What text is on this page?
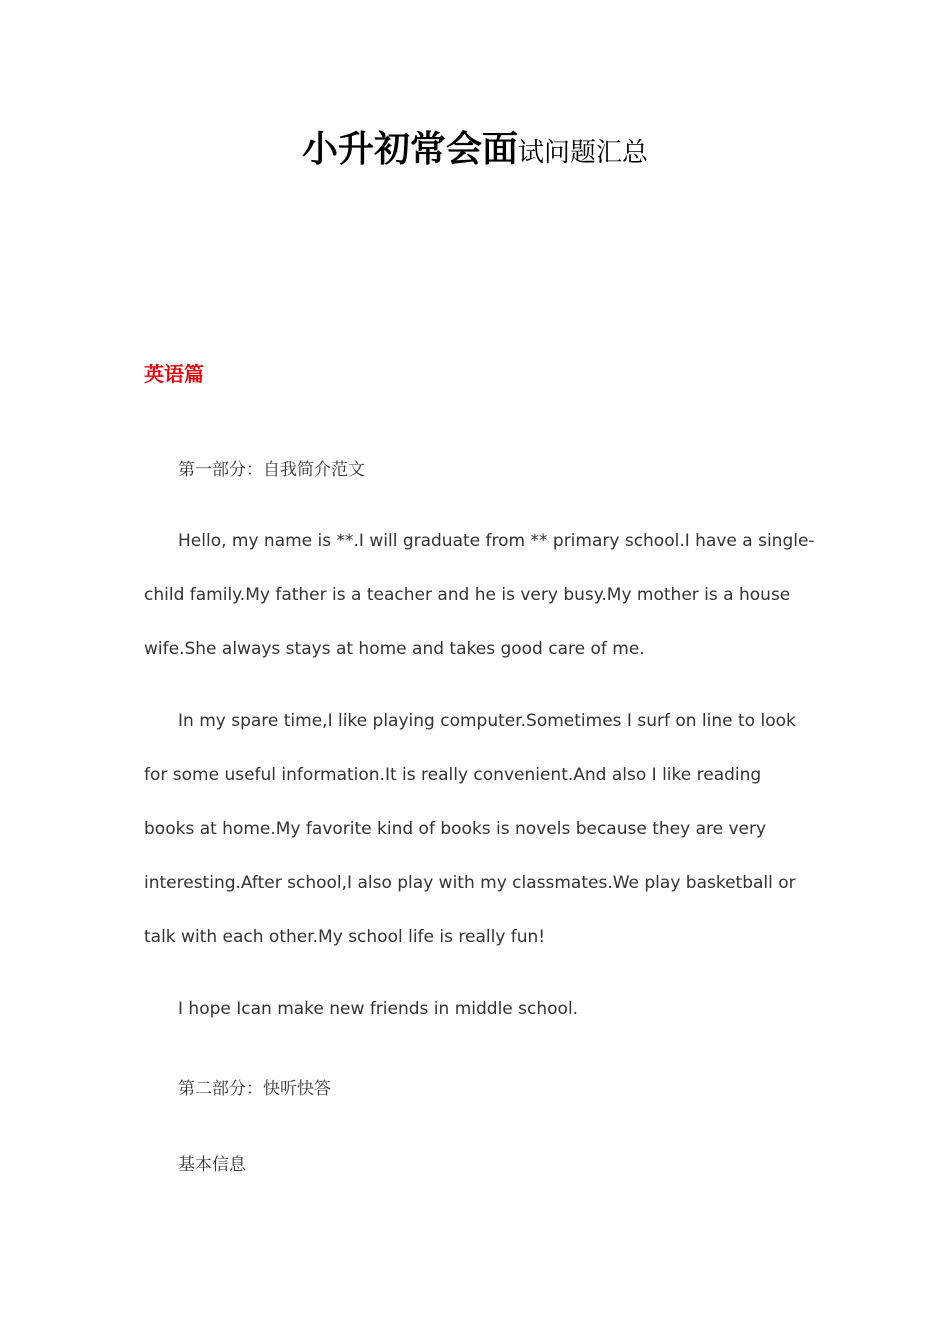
小升初常会面试问题汇总
英语篇
第一部分：自我简介范文
Hello, my name is **.I will graduate from ** primary school.I have a single-
child family.My father is a teacher and he is very busy.My mother is a house
wife.She always stays at home and takes good care of me.
In my spare time,I like playing computer.Sometimes I surf on line to look
for some useful information.It is really convenient.And also I like reading
books at home.My favorite kind of books is novels because they are very
interesting.After school,I also play with my classmates.We play basketball or
talk with each other.My school life is really fun!
I hope Ican make new friends in middle school.
第二部分：快听快答
基本信息
